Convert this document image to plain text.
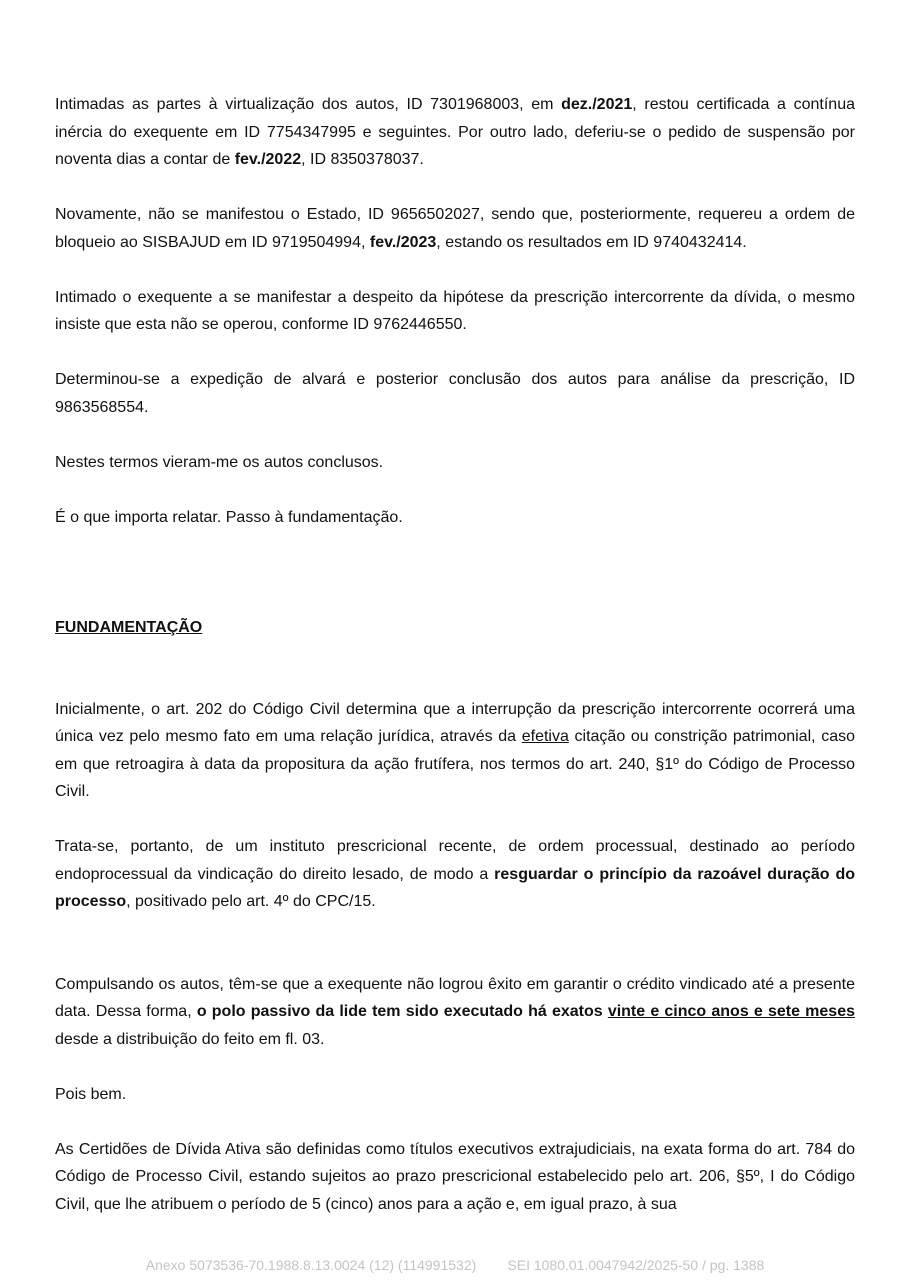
Intimadas as partes à virtualização dos autos, ID 7301968003, em dez./2021, restou certificada a contínua inércia do exequente em ID 7754347995 e seguintes. Por outro lado, deferiu-se o pedido de suspensão por noventa dias a contar de fev./2022, ID 8350378037.

Novamente, não se manifestou o Estado, ID 9656502027, sendo que, posteriormente, requereu a ordem de bloqueio ao SISBAJUD em ID 9719504994, fev./2023, estando os resultados em ID 9740432414.

Intimado o exequente a se manifestar a despeito da hipótese da prescrição intercorrente da dívida, o mesmo insiste que esta não se operou, conforme ID 9762446550.

Determinou-se a expedição de alvará e posterior conclusão dos autos para análise da prescrição, ID 9863568554.

Nestes termos vieram-me os autos conclusos.

É o que importa relatar. Passo à fundamentação.

FUNDAMENTAÇÃO

Inicialmente, o art. 202 do Código Civil determina que a interrupção da prescrição intercorrente ocorrerá uma única vez pelo mesmo fato em uma relação jurídica, através da efetiva citação ou constrição patrimonial, caso em que retroagira à data da propositura da ação frutífera, nos termos do art. 240, §1º do Código de Processo Civil.

Trata-se, portanto, de um instituto prescricional recente, de ordem processual, destinado ao período endoprocessual da vindicação do direito lesado, de modo a resguardar o princípio da razoável duração do processo, positivado pelo art. 4º do CPC/15.

Compulsando os autos, têm-se que a exequente não logrou êxito em garantir o crédito vindicado até a presente data. Dessa forma, o polo passivo da lide tem sido executado há exatos vinte e cinco anos e sete meses desde a distribuição do feito em fl. 03.

Pois bem.

As Certidões de Dívida Ativa são definidas como títulos executivos extrajudiciais, na exata forma do art. 784 do Código de Processo Civil, estando sujeitos ao prazo prescricional estabelecido pelo art. 206, §5º, I do Código Civil, que lhe atribuem o período de 5 (cinco) anos para a ação e, em igual prazo, à sua

Anexo 5073536-70.1988.8.13.0024 (12) (114991532) SEI 1080.01.0047942/2025-50 / pg. 1388
